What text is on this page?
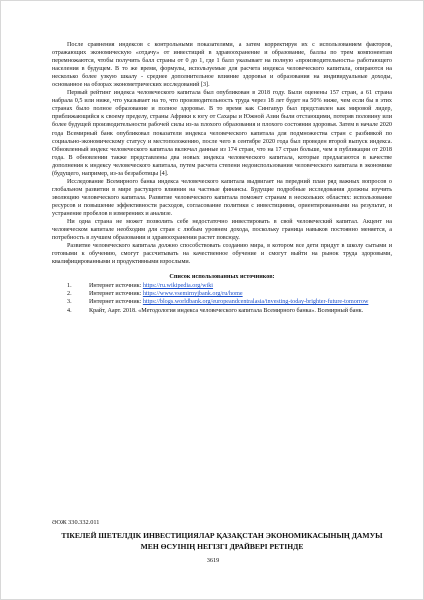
После сравнения индексов с контрольными показателями, а затем корректируя их с использованием факторов, отражающих экономическую «отдачу» от инвестиций в здравоохранение и образование, баллы по трем компонентам перемножаются, чтобы получить балл страны от 0 до 1, где 1 балл указывает на полную «производительность» работающего населения в будущем. В то же время, формулы, используемые для расчета индекса человеческого капитала, опираются на несколько более узкую шкалу - среднее дополнительное влияние здоровья и образования на индивидуальные доходы, основанное на обзорах эконометрических исследований [3].

Первый рейтинг индекса человеческого капитала был опубликован в 2018 году. Были оценены 157 стран, а 61 страна набрала 0,5 или ниже, что указывает на то, что производительность труда через 18 лет будет на 50% ниже, чем если бы в этих странах было полное образование и полное здоровье. В то время как Сингапур был представлен как мировой лидер, приближающийся к своему пределу, страны Африки к югу от Сахары и Южной Азии были отстающими, потеряв половину или более будущей производительности рабочей силы из-за плохого образования и плохого состояния здоровья. Затем в начале 2020 года Всемирный банк опубликовал показатели индекса человеческого капитала для подмножества стран с разбивкой по социально-экономическому статусу и местоположению, после чего в сентябре 2020 года был проведен второй выпуск индекса. Обновленный индекс человеческого капитала включал данные из 174 стран, что на 17 стран больше, чем в публикации от 2018 года. В обновлении также представлены два новых индекса человеческого капитала, которые предлагаются в качестве дополнения к индексу человеческого капитала, путем расчета степени недоиспользования человеческого капитала в экономике (будущего, например, из-за безработицы [4].

Исследование Всемирного банка индекса человеческого капитала выдвигает на передний план ряд важных вопросов о глобальном развитии в мире растущего влияния на частные финансы. Будущие подробные исследования должны изучить эволюцию человеческого капитала. Развитие человеческого капитала поможет странам в нескольких областях: использование ресурсов и повышение эффективности расходов, согласование политики с инвестициями, ориентированными на результат, и устранение пробелов в измерениях и анализе.

Ни одна страна не может позволить себе недостаточно инвестировать в свой человеческий капитал. Акцент на человеческом капитале необходим для стран с любым уровнем дохода, поскольку граница навыков постоянно меняется, а потребность в лучшем образовании и здравоохранении растет повсюду.

Развитие человеческого капитала должно способствовать созданию мира, в котором все дети придут в школу сытыми и готовыми к обучению, смогут рассчитывать на качественное обучение и смогут выйти на рынок труда здоровыми, квалифицированными и продуктивными взрослыми.

Список использованных источников:
1.	Интернет источник: https://ru.wikipedia.org/wiki
2.	Интернет источник: https://www.vsemirnyjbank.org/ru/home
3.	Интернет источник: https://blogs.worldbank.org/europeandcentralasia/investing-today-brighter-future-tomorrow
4.	Крайт, Аарт. 2018. «Методология индекса человеческого капитала Всемирного банка». Всемирный банк.
ӘОЖ 330.332.011
ТІКЕЛЕЙ ШЕТЕЛДІК ИНВЕСТИЦИЯЛАР ҚАЗАҚСТАН ЭКОНОМИКАСЫНЫҢ ДАМУЫ МЕН ӨСУІНІҢ НЕГІЗГІ ДРАЙВЕРІ РЕТІНДЕ
3619
